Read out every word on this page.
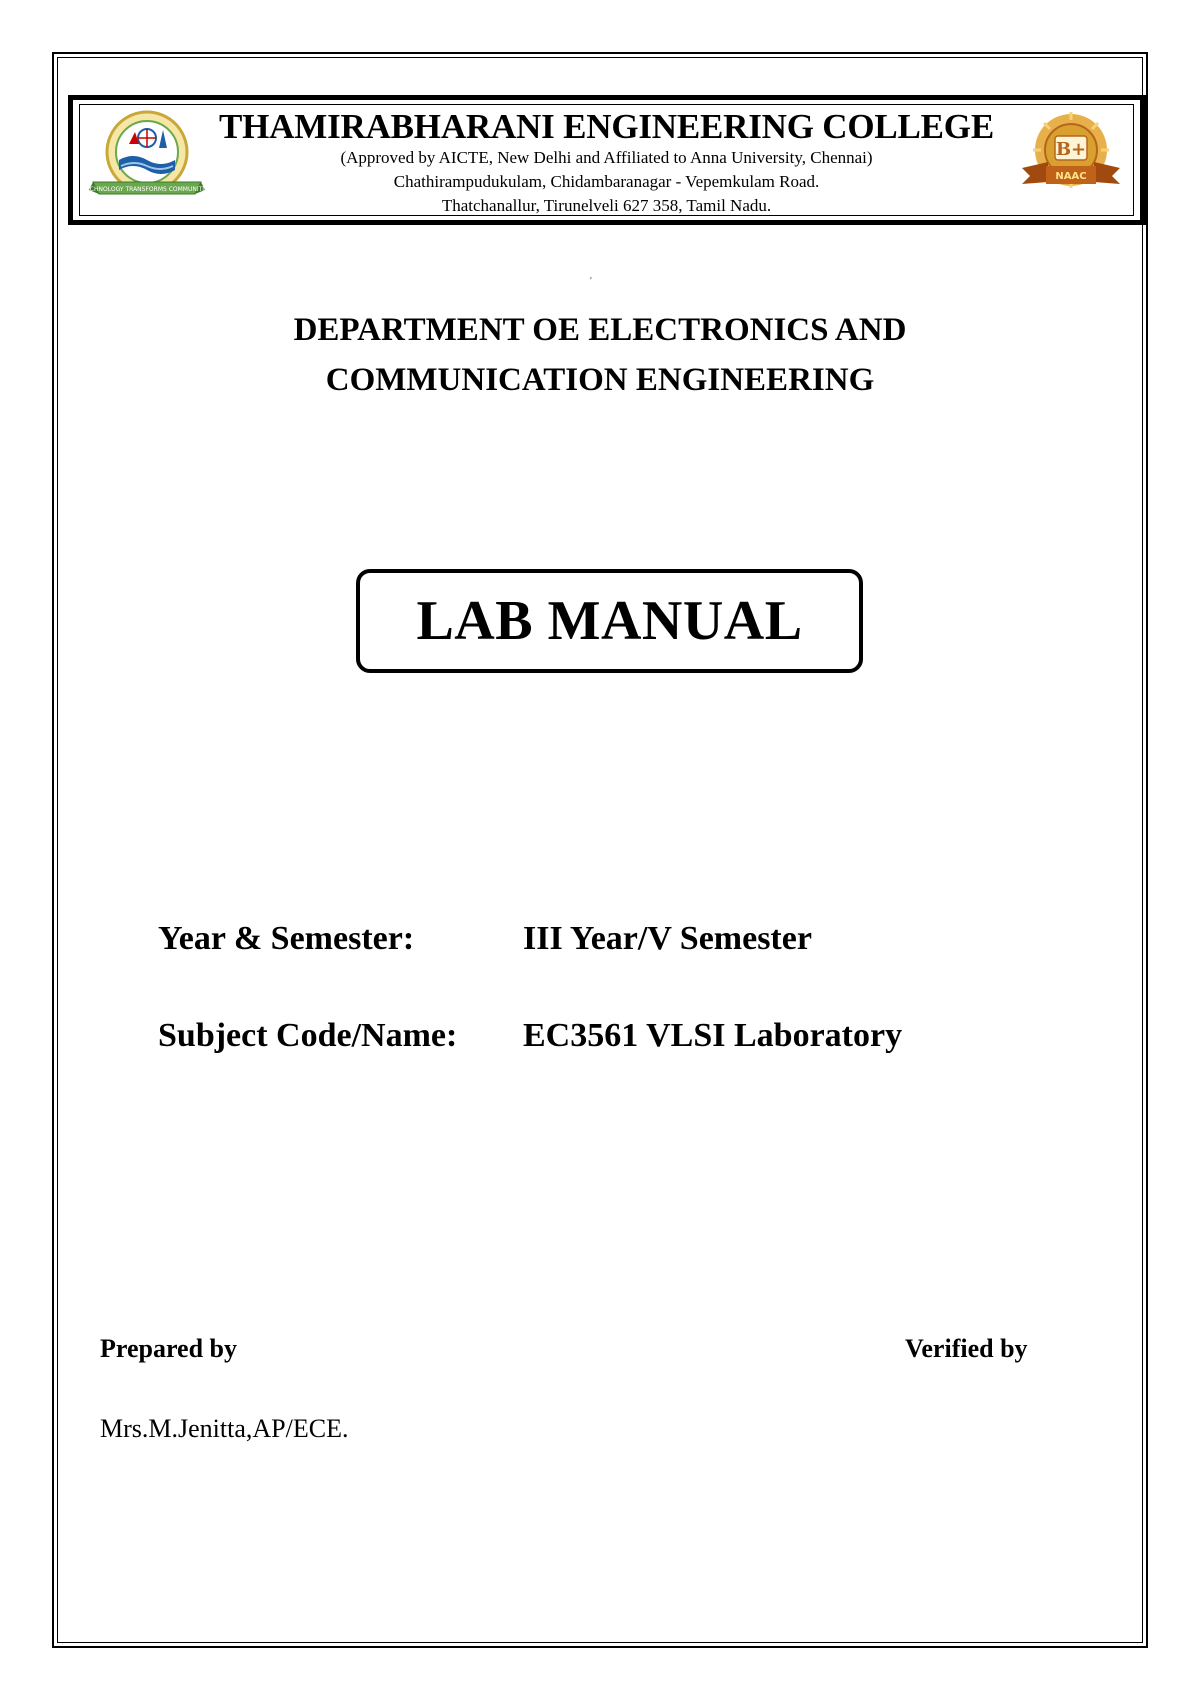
TECHNOLOGY TRANSFORMS COMMUNITIES
THAMIRABHARANI ENGINEERING COLLEGE
(Approved by AICTE, New Delhi and Affiliated to Anna University, Chennai)
Chathirampudukulam, Chidambaranagar - Vepemkulam Road.
Thatchanallur, Tirunelveli 627 358, Tamil Nadu.
B+
NAAC
'
DEPARTMENT OE ELECTRONICS AND
COMMUNICATION ENGINEERING
LAB MANUAL
Year & Semester:	III Year/V Semester
Subject Code/Name: EC3561 VLSI Laboratory
Prepared by	Verified by
Mrs.M.Jenitta,AP/ECE.
